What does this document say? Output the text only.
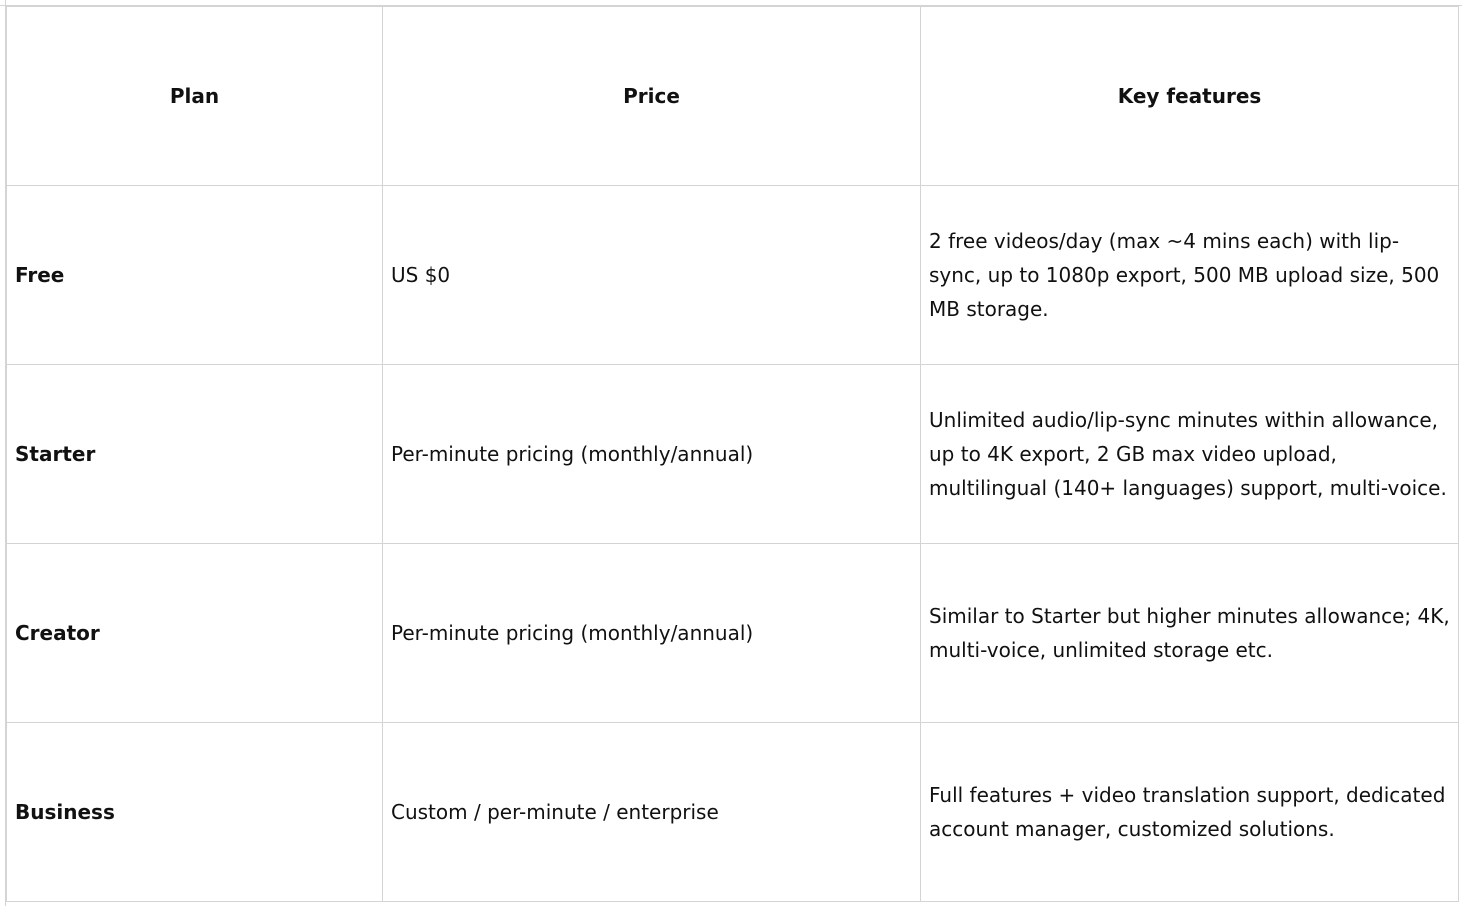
Plan	Price	Key features
Free	US $0	2 free videos/day (max ~4 mins each) with lip-sync, up to 1080p export, 500 MB upload size, 500 MB storage.
Starter	Per-minute pricing (monthly/annual)	Unlimited audio/lip-sync minutes within allowance, up to 4K export, 2 GB max video upload, multilingual (140+ languages) support, multi-voice.
Creator	Per-minute pricing (monthly/annual)	Similar to Starter but higher minutes allowance; 4K, multi-voice, unlimited storage etc.
Business	Custom / per-minute / enterprise	Full features + video translation support, dedicated account manager, customized solutions.
